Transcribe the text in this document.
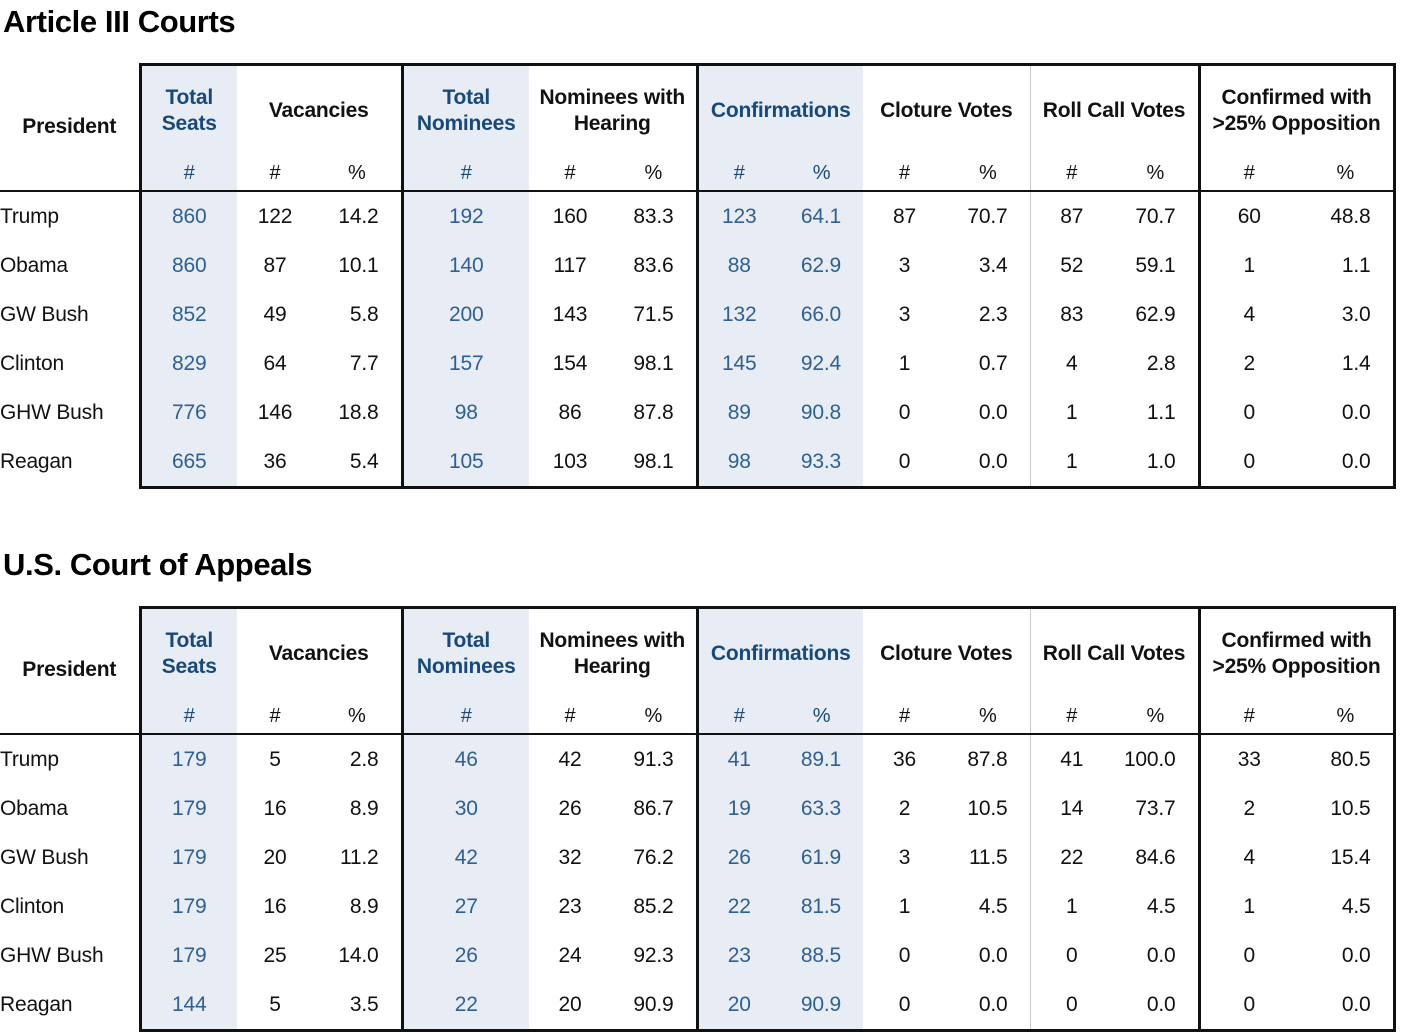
Article III Courts
President	Total Seats	Vacancies		Total Nominees	Nominees with Hearing		Confirmations		Cloture Votes		Roll Call Votes		Confirmed with >25% Opposition	
	#	#	%	#	#	%	#	%	#	%	#	%	#	%
Trump	860	122	14.2	192	160	83.3	123	64.1	87	70.7	87	70.7	60	48.8
Obama	860	87	10.1	140	117	83.6	88	62.9	3	3.4	52	59.1	1	1.1
GW Bush	852	49	5.8	200	143	71.5	132	66.0	3	2.3	83	62.9	4	3.0
Clinton	829	64	7.7	157	154	98.1	145	92.4	1	0.7	4	2.8	2	1.4
GHW Bush	776	146	18.8	98	86	87.8	89	90.8	0	0.0	1	1.1	0	0.0
Reagan	665	36	5.4	105	103	98.1	98	93.3	0	0.0	1	1.0	0	0.0
U.S. Court of Appeals
President	Total Seats	Vacancies		Total Nominees	Nominees with Hearing		Confirmations		Cloture Votes		Roll Call Votes		Confirmed with >25% Opposition	
	#	#	%	#	#	%	#	%	#	%	#	%	#	%
Trump	179	5	2.8	46	42	91.3	41	89.1	36	87.8	41	100.0	33	80.5
Obama	179	16	8.9	30	26	86.7	19	63.3	2	10.5	14	73.7	2	10.5
GW Bush	179	20	11.2	42	32	76.2	26	61.9	3	11.5	22	84.6	4	15.4
Clinton	179	16	8.9	27	23	85.2	22	81.5	1	4.5	1	4.5	1	4.5
GHW Bush	179	25	14.0	26	24	92.3	23	88.5	0	0.0	0	0.0	0	0.0
Reagan	144	5	3.5	22	20	90.9	20	90.9	0	0.0	0	0.0	0	0.0
